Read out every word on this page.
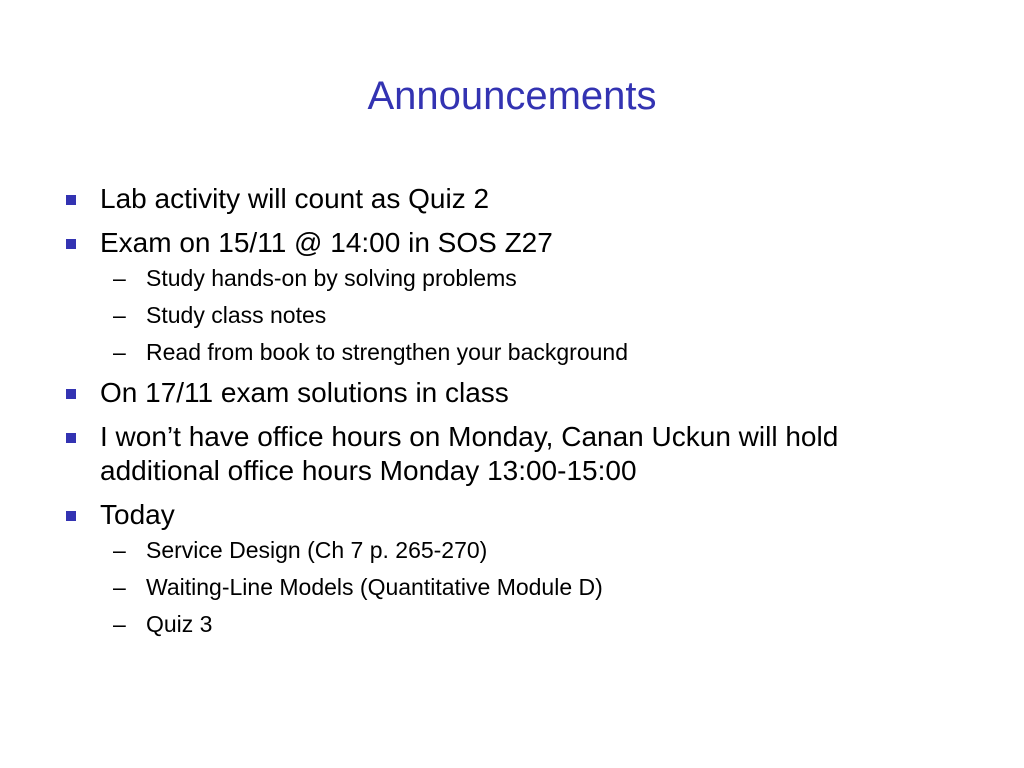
Announcements
Lab activity will count as Quiz 2
Exam on 15/11 @ 14:00 in SOS Z27
– Study hands-on by solving problems
– Study class notes
– Read from book to strengthen your background
On 17/11 exam solutions in class
I won’t have office hours on Monday, Canan Uckun will hold additional office hours Monday 13:00-15:00
Today
– Service Design (Ch 7 p. 265-270)
– Waiting-Line Models (Quantitative Module D)
– Quiz 3
